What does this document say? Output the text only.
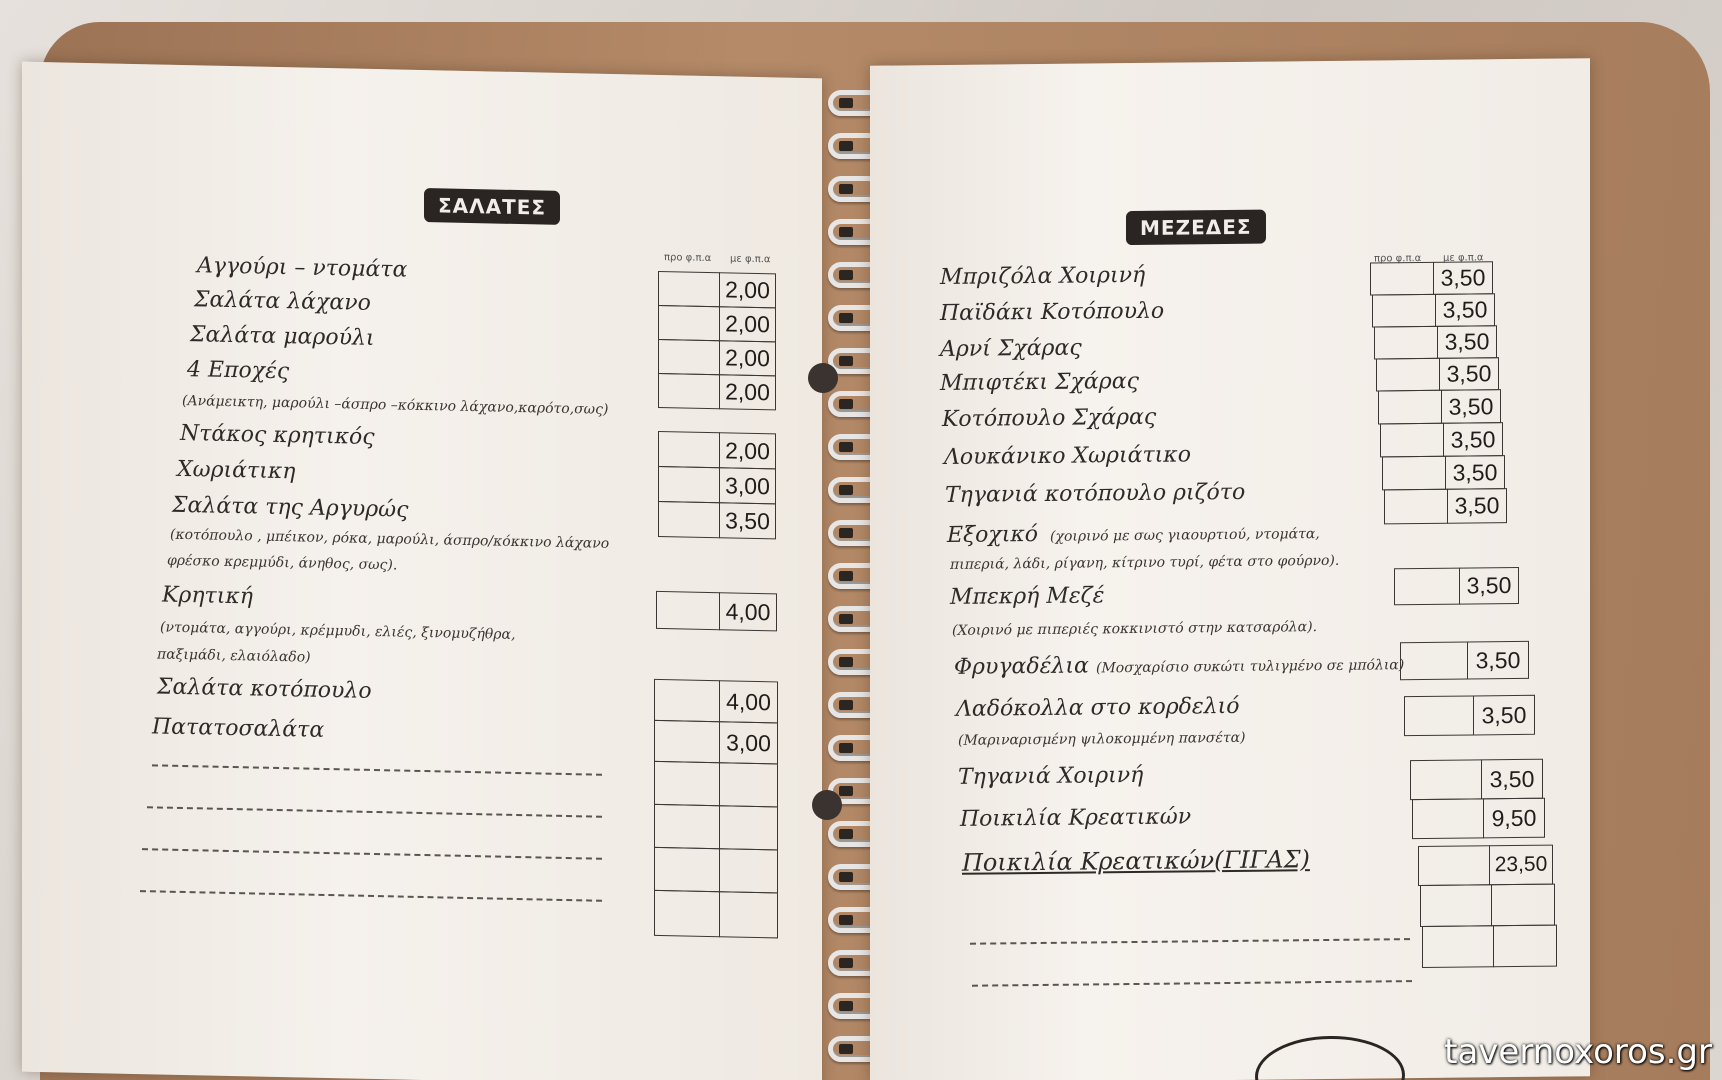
ΣΑΛΑΤΕΣ
προ φ.π.α με φ.π.α
Αγγούρι – ντομάτα
Σαλάτα λάχανο
Σαλάτα μαρούλι
4 Εποχές
(Ανάμεικτη, μαρούλι –άσπρο –κόκκινο λάχανο,καρότο,σως)
Ντάκος κρητικός
Χωριάτικη
Σαλάτα της Αργυρώς
(κοτόπουλο , μπέικον, ρόκα, μαρούλι, άσπρο/κόκκινο λάχανο
φρέσκο κρεμμύδι, άνηθος, σως).
Κρητική
(ντομάτα, αγγούρι, κρέμμυδι, ελιές, ξινομυζήθρα,
παξιμάδι, ελαιόλαδο)
Σαλάτα κοτόπουλο
Πατατοσαλάτα
2,00
2,00
2,00
2,00
2,00
3,00
3,50
4,00
4,00
3,00
ΜΕΖΕΔΕΣ
προ φ.π.α με φ.π.α
Μπριζόλα Χοιρινή
Παϊδάκι Κοτόπουλο
Αρνί Σχάρας
Μπιφτέκι Σχάρας
Κοτόπουλο Σχάρας
Λουκάνικο Χωριάτικο
Τηγανιά κοτόπουλο ριζότο
Εξοχικό (χοιρινό με σως γιαουρτιού, ντομάτα,
πιπεριά, λάδι, ρίγανη, κίτρινο τυρί, φέτα στο φούρνο).
Μπεκρή Μεζέ
(Χοιρινό με πιπεριές κοκκινιστό στην κατσαρόλα).
Φρυγαδέλια (Μοσχαρίσιο συκώτι τυλιγμένο σε μπόλια)
Λαδόκολλα στο κορδελιό
(Μαριναρισμένη ψιλοκομμένη πανσέτα)
Τηγανιά Χοιρινή
Ποικιλία Κρεατικών
Ποικιλία Κρεατικών(ΓΙΓΑΣ)
3,50
3,50
3,50
3,50
3,50
3,50
3,50
3,50
3,50
3,50
3,50
3,50
9,50
23,50
tavernoxoros.gr
